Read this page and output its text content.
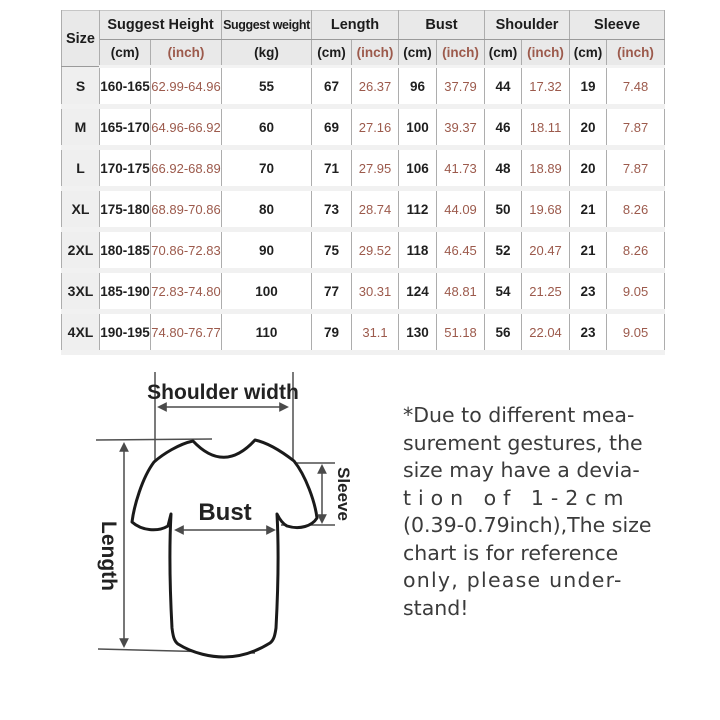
Size	Suggest Height		Suggest weight	Length		Bust		Shoulder		Sleeve	
	(cm)	(inch)	(kg)	(cm)	(inch)	(cm)	(inch)	(cm)	(inch)	(cm)	(inch)
S	160-165	62.99-64.96	55	67	26.37	96	37.79	44	17.32	19	7.48
M	165-170	64.96-66.92	60	69	27.16	100	39.37	46	18.11	20	7.87
L	170-175	66.92-68.89	70	71	27.95	106	41.73	48	18.89	20	7.87
XL	175-180	68.89-70.86	80	73	28.74	112	44.09	50	19.68	21	8.26
2XL	180-185	70.86-72.83	90	75	29.52	118	46.45	52	20.47	21	8.26
3XL	185-190	72.83-74.80	100	77	30.31	124	48.81	54	21.25	23	9.05
4XL	190-195	74.80-76.77	110	79	31.1	130	51.18	56	22.04	23	9.05
Shoulder width
Length
Bust	Sleeve
*Due to different mea-
surement gestures, the
size may have a devia-
tion of 1-2cm
(0.39-0.79inch),The size
chart is for reference
only, please under-
stand!
